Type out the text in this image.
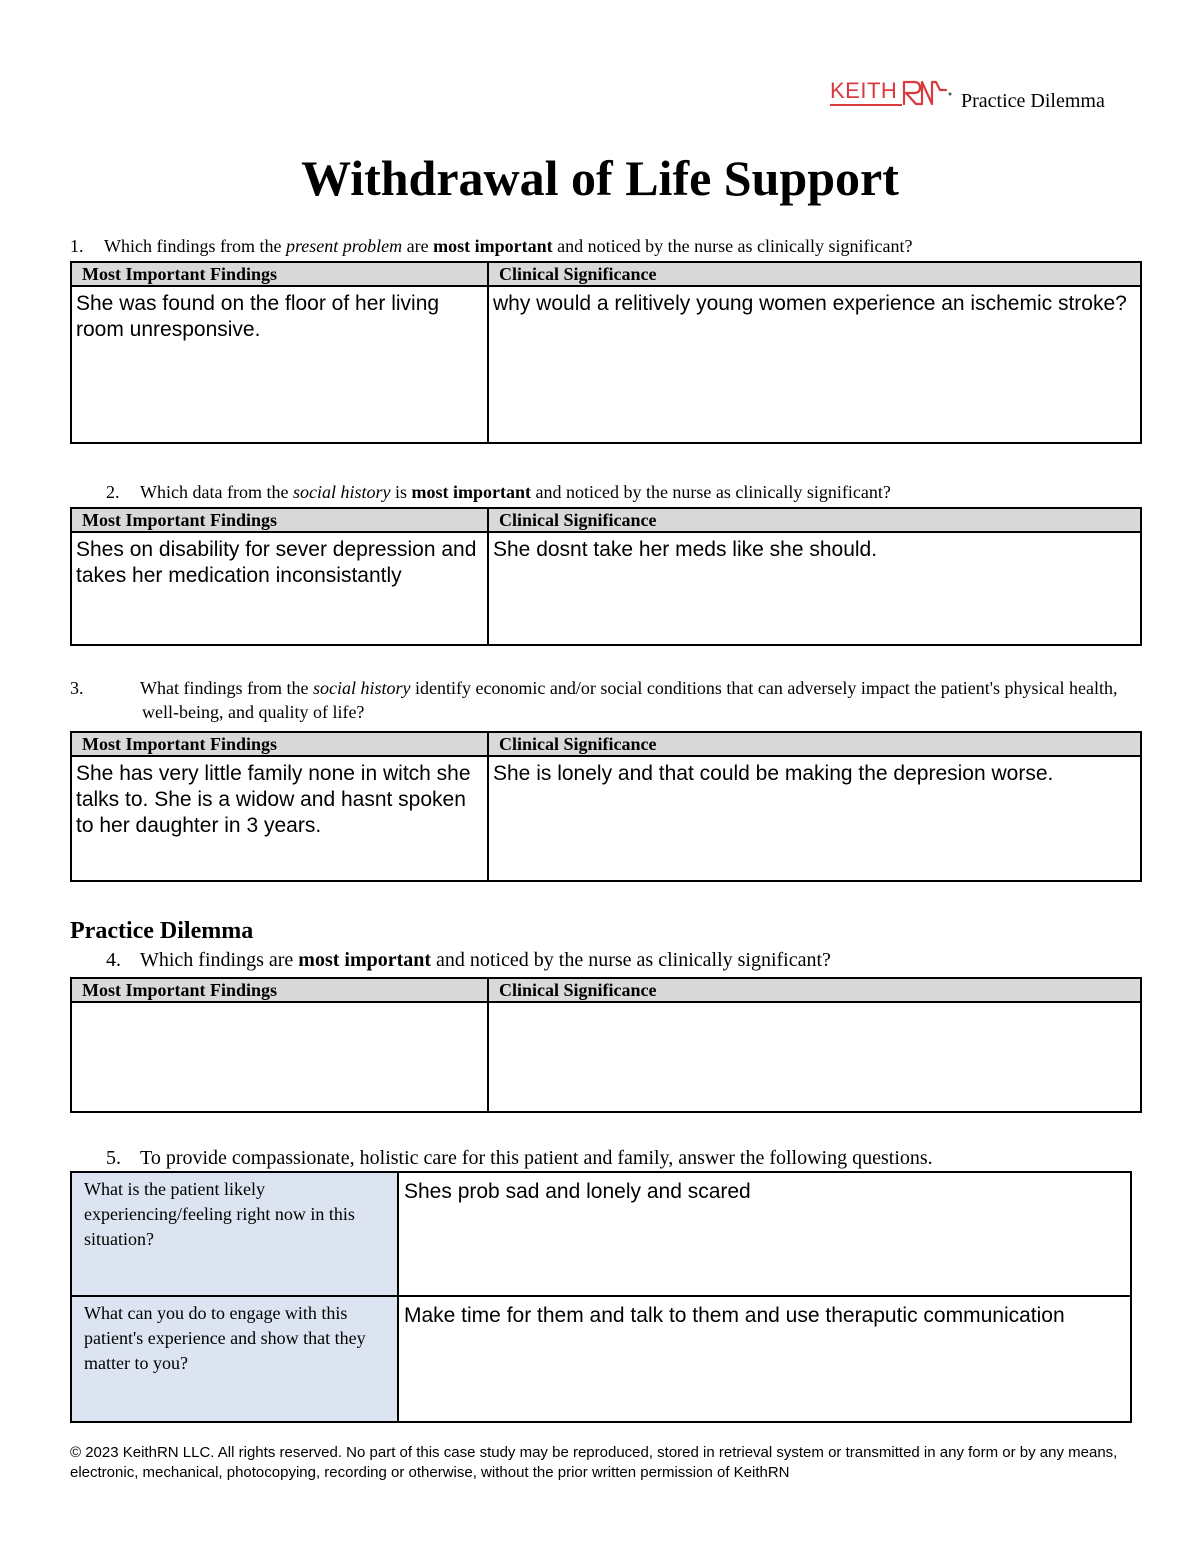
KEITH	Practice Dilemma
Withdrawal of Life Support
1. Which findings from the present problem are most important and noticed by the nurse as clinically significant?
Most Important Findings	Clinical Significance
She was found on the floor of her living room unresponsive.	why would a relitively young women experience an ischemic stroke?
2. Which data from the social history is most important and noticed by the nurse as clinically significant?
Most Important Findings	Clinical Significance
Shes on disability for sever depression and takes her medication inconsistantly	She dosnt take her meds like she should.
3.	What findings from the social history identify economic and/or social conditions that can adversely impact the patient's physical health, well-being, and quality of life?
Most Important Findings	Clinical Significance
She has very little family none in witch she talks to. She is a widow and hasnt spoken to her daughter in 3 years.	She is lonely and that could be making the depresion worse.
Practice Dilemma
4. Which findings are most important and noticed by the nurse as clinically significant?
Most Important Findings	Clinical Significance

5. To provide compassionate, holistic care for this patient and family, answer the following questions.
What is the patient likely experiencing/feeling right now in this situation?	Shes prob sad and lonely and scared
What can you do to engage with this patient's experience and show that they matter to you?	Make time for them and talk to them and use theraputic communication
© 2023 KeithRN LLC. All rights reserved. No part of this case study may be reproduced, stored in retrieval system or transmitted in any form or by any means, electronic, mechanical, photocopying, recording or otherwise, without the prior written permission of KeithRN
